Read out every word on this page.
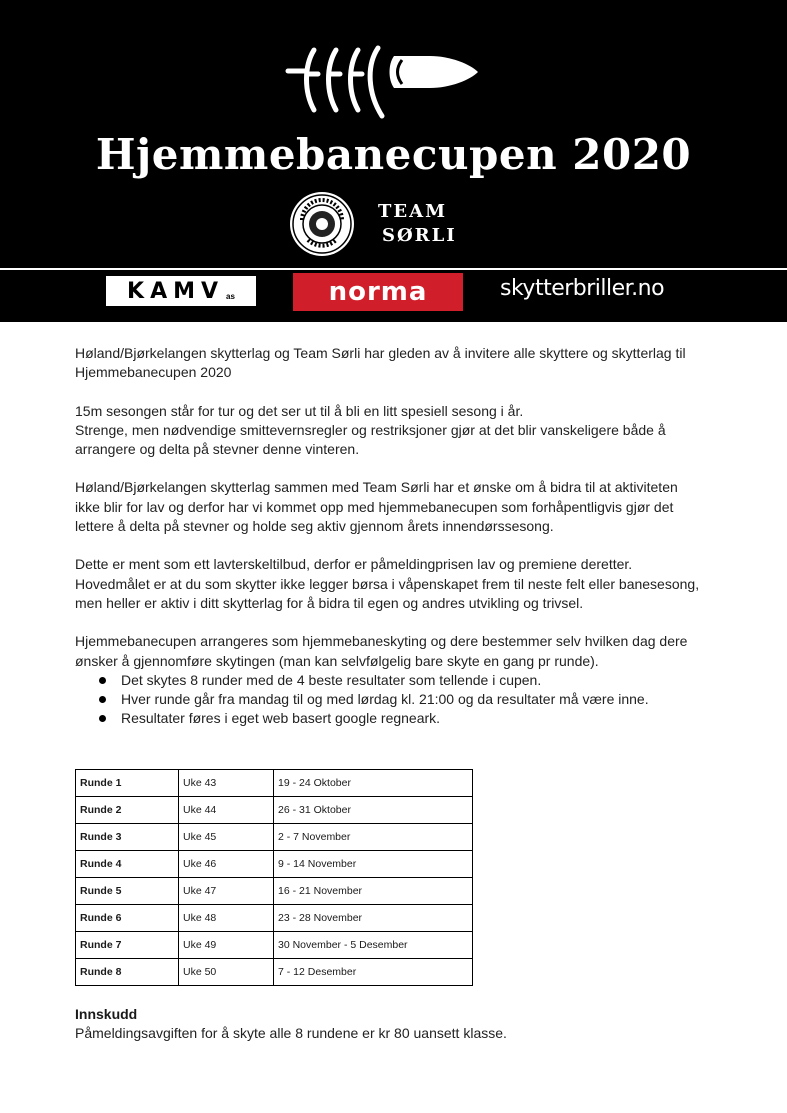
Hjemmebanecupen 2020
TEAM
SØRLI
KAMV as	norma	skytterbriller.no

Høland/Bjørkelangen skytterlag og Team Sørli har gleden av å invitere alle skyttere og skytterlag til Hjemmebanecupen 2020

15m sesongen står for tur og det ser ut til å bli en litt spesiell sesong i år.
Strenge, men nødvendige smittevernsregler og restriksjoner gjør at det blir vanskeligere både å arrangere og delta på stevner denne vinteren.

Høland/Bjørkelangen skytterlag sammen med Team Sørli har et ønske om å bidra til at aktiviteten ikke blir for lav og derfor har vi kommet opp med hjemmebanecupen som forhåpentligvis gjør det lettere å delta på stevner og holde seg aktiv gjennom årets innendørssesong.

Dette er ment som ett lavterskeltilbud, derfor er påmeldingprisen lav og premiene deretter. Hovedmålet er at du som skytter ikke legger børsa i våpenskapet frem til neste felt eller banesesong, men heller er aktiv i ditt skytterlag for å bidra til egen og andres utvikling og trivsel.

Hjemmebanecupen arrangeres som hjemmebaneskyting og dere bestemmer selv hvilken dag dere ønsker å gjennomføre skytingen (man kan selvfølgelig bare skyte en gang pr runde).

Det skytes 8 runder med de 4 beste resultater som tellende i cupen.
Hver runde går fra mandag til og med lørdag kl. 21:00 og da resultater må være inne.
Resultater føres i eget web basert google regneark.
Runde 1	Uke 43	19 - 24 Oktober
Runde 2	Uke 44	26 - 31 Oktober
Runde 3	Uke 45	2 - 7 November
Runde 4	Uke 46	9 - 14 November
Runde 5	Uke 47	16 - 21 November
Runde 6	Uke 48	23 - 28 November
Runde 7	Uke 49	30 November - 5 Desember
Runde 8	Uke 50	7 - 12 Desember
Innskudd
Påmeldingsavgiften for å skyte alle 8 rundene er kr 80 uansett klasse.
